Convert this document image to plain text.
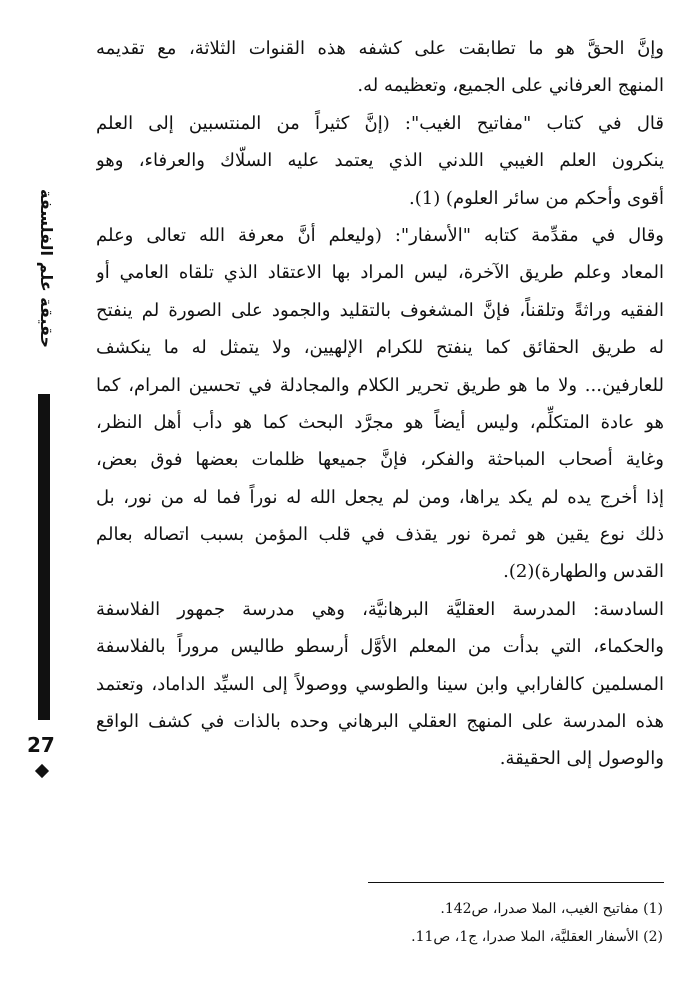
وإنَّ الحقَّ هو ما تطابقت على كشفه هذه القنوات الثلاثة، مع تقديمه
المنهج العرفاني على الجميع، وتعظيمه له.
قال في كتاب "مفاتيح الغيب": (إنَّ كثيراً من المنتسبين إلى العلم
ينكرون العلم الغيبي اللدني الذي يعتمد عليه السلّاك والعرفاء، وهو
أقوى وأحكم من سائر العلوم) (1).
وقال في مقدِّمة كتابه "الأسفار": (وليعلم أنَّ معرفة الله تعالى وعلم
المعاد وعلم طريق الآخرة، ليس المراد بها الاعتقاد الذي تلقاه العامي أو
الفقيه وراثةً وتلقناً، فإنَّ المشغوف بالتقليد والجمود على الصورة لم ينفتح
له طريق الحقائق كما ينفتح للكرام الإلهيين، ولا يتمثل له ما ينكشف
للعارفين... ولا ما هو طريق تحرير الكلام والمجادلة في تحسين المرام، كما
هو عادة المتكلِّم، وليس أيضاً هو مجرَّد البحث كما هو دأب أهل النظر،
وغاية أصحاب المباحثة والفكر، فإنَّ جميعها ظلمات بعضها فوق بعض،
إذا أخرج يده لم يكد يراها، ومن لم يجعل الله له نوراً فما له من نور، بل
ذلك نوع يقين هو ثمرة نور يقذف في قلب المؤمن بسبب اتصاله بعالم
القدس والطهارة)(2).
السادسة: المدرسة العقليَّة البرهانيَّة، وهي مدرسة جمهور الفلاسفة
والحكماء، التي بدأت من المعلم الأوَّل أرسطو طاليس مروراً بالفلاسفة
المسلمين كالفارابي وابن سينا والطوسي ووصولاً إلى السيِّد الداماد، وتعتمد
هذه المدرسة على المنهج العقلي البرهاني وحده بالذات في كشف الواقع
والوصول إلى الحقيقة.
حقيقة علم الفلسفة
27
(1) مفاتيح الغيب، الملا صدرا، ص142.
(2) الأسفار العقليَّة، الملا صدرا، ج1، ص11.
